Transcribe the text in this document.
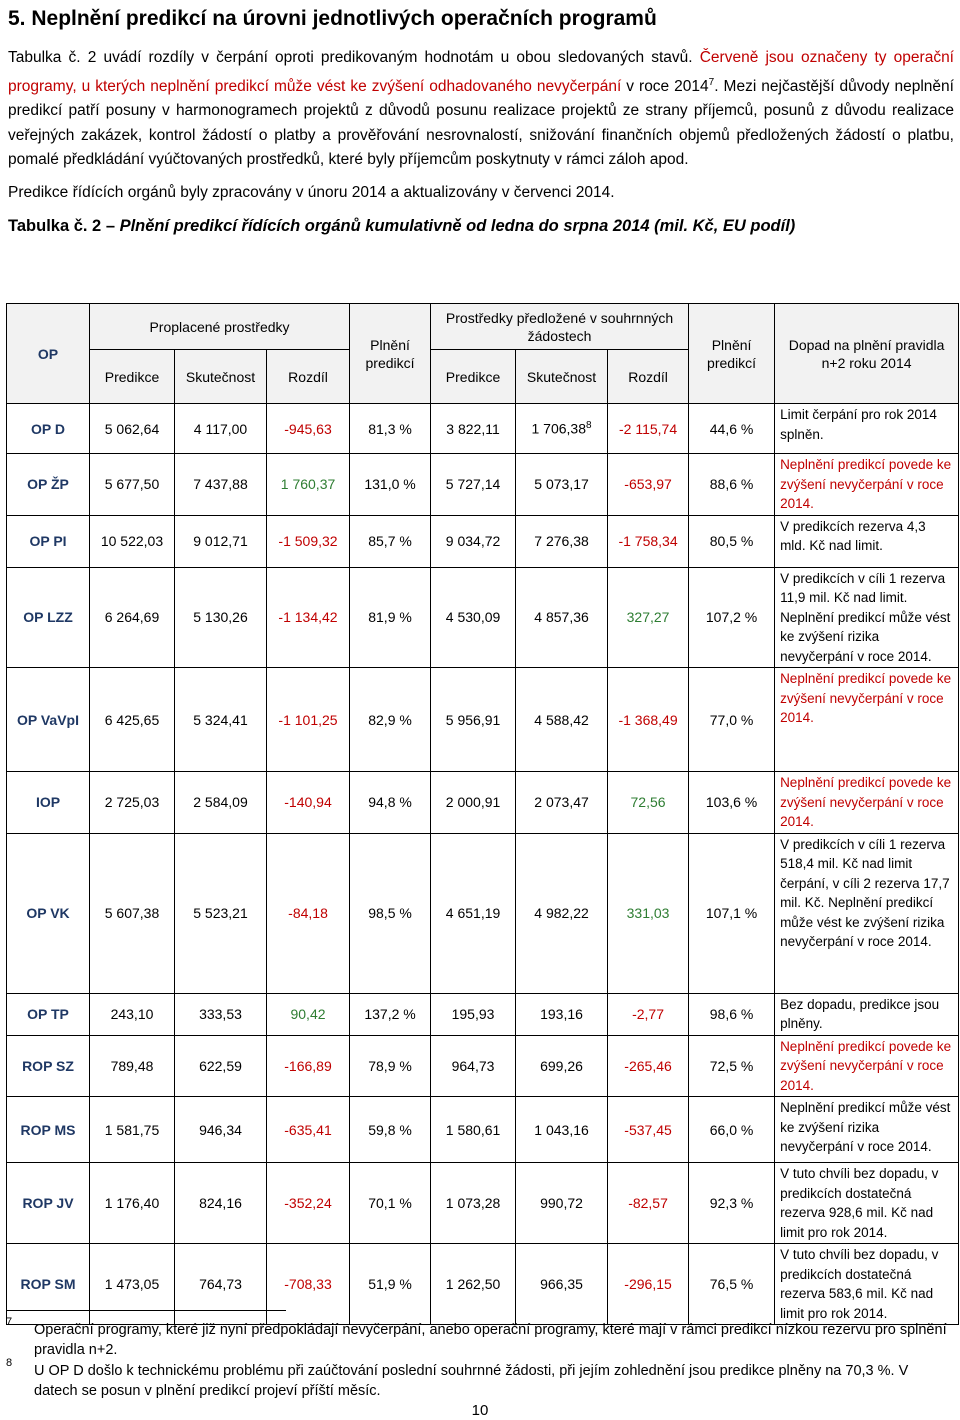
5. Neplnění predikcí na úrovni jednotlivých operačních programů

Tabulka č. 2 uvádí rozdíly v čerpání oproti predikovaným hodnotám u obou sledovaných stavů. Červeně jsou označeny ty operační programy, u kterých neplnění predikcí může vést ke zvýšení odhadovaného nevyčerpání v roce 2014$^7$. Mezi nejčastější důvody neplnění predikcí patří posuny v harmonogramech projektů z důvodů posunu realizace projektů ze strany příjemců, posunů z důvodu realizace veřejných zakázek, kontrol žádostí o platby a prověřování nesrovnalostí, snižování finančních objemů předložených žádostí o platbu, pomalé předkládání vyúčtovaných prostředků, které byly příjemcům poskytnuty v rámci záloh apod.

Predikce řídících orgánů byly zpracovány v únoru 2014 a aktualizovány v červenci 2014.

Tabulka č. 2 – Plnění predikcí řídících orgánů kumulativně od ledna do srpna 2014 (mil. Kč, EU podíl)

OP	Proplacené prostředky			Plnění predikcí	Prostředky předložené v souhrnných žádostech			Plnění predikcí	Dopad na plnění pravidla n+2 roku 2014
	Predikce	Skutečnost	Rozdíl		Predikce	Skutečnost	Rozdíl		
OP D	5 062,64	4 117,00	-945,63	81,3 %	3 822,11	1 706,38$^8$	-2 115,74	44,6 %	Limit čerpání pro rok 2014 splněn.
OP ŽP	5 677,50	7 437,88	1 760,37	131,0 %	5 727,14	5 073,17	-653,97	88,6 %	Neplnění predikcí povede ke zvýšení nevyčerpání v roce 2014.
OP PI	10 522,03	9 012,71	-1 509,32	85,7 %	9 034,72	7 276,38	-1 758,34	80,5 %	V predikcích rezerva 4,3 mld. Kč nad limit.
OP LZZ	6 264,69	5 130,26	-1 134,42	81,9 %	4 530,09	4 857,36	327,27	107,2 %	V predikcích v cíli 1 rezerva 11,9 mil. Kč nad limit. Neplnění predikcí může vést ke zvýšení rizika nevyčerpání v roce 2014.
OP VaVpI	6 425,65	5 324,41	-1 101,25	82,9 %	5 956,91	4 588,42	-1 368,49	77,0 %	Neplnění predikcí povede ke zvýšení nevyčerpání v roce 2014.
IOP	2 725,03	2 584,09	-140,94	94,8 %	2 000,91	2 073,47	72,56	103,6 %	Neplnění predikcí povede ke zvýšení nevyčerpání v roce 2014.
OP VK	5 607,38	5 523,21	-84,18	98,5 %	4 651,19	4 982,22	331,03	107,1 %	V predikcích v cíli 1 rezerva 518,4 mil. Kč nad limit čerpání, v cíli 2 rezerva 17,7 mil. Kč. Neplnění predikcí může vést ke zvýšení rizika nevyčerpání v roce 2014.
OP TP	243,10	333,53	90,42	137,2 %	195,93	193,16	-2,77	98,6 %	Bez dopadu, predikce jsou plněny.
ROP SZ	789,48	622,59	-166,89	78,9 %	964,73	699,26	-265,46	72,5 %	Neplnění predikcí povede ke zvýšení nevyčerpání v roce 2014.
ROP MS	1 581,75	946,34	-635,41	59,8 %	1 580,61	1 043,16	-537,45	66,0 %	Neplnění predikcí může vést ke zvýšení rizika nevyčerpání v roce 2014.
ROP JV	1 176,40	824,16	-352,24	70,1 %	1 073,28	990,72	-82,57	92,3 %	V tuto chvíli bez dopadu, v predikcích dostatečná rezerva 928,6 mil. Kč nad limit pro rok 2014.
ROP SM	1 473,05	764,73	-708,33	51,9 %	1 262,50	966,35	-296,15	76,5 %	V tuto chvíli bez dopadu, v predikcích dostatečná rezerva 583,6 mil. Kč nad limit pro rok 2014.
7 Operační programy, které již nyní předpokládají nevyčerpání, anebo operační programy, které mají v rámci predikcí nízkou rezervu pro splnění pravidla n+2.
8 U OP D došlo k technickému problému při zaúčtování poslední souhrnné žádosti, při jejím zohlednění jsou predikce plněny na 70,3 %. V datech se posun v plnění predikcí projeví příští měsíc.
10
